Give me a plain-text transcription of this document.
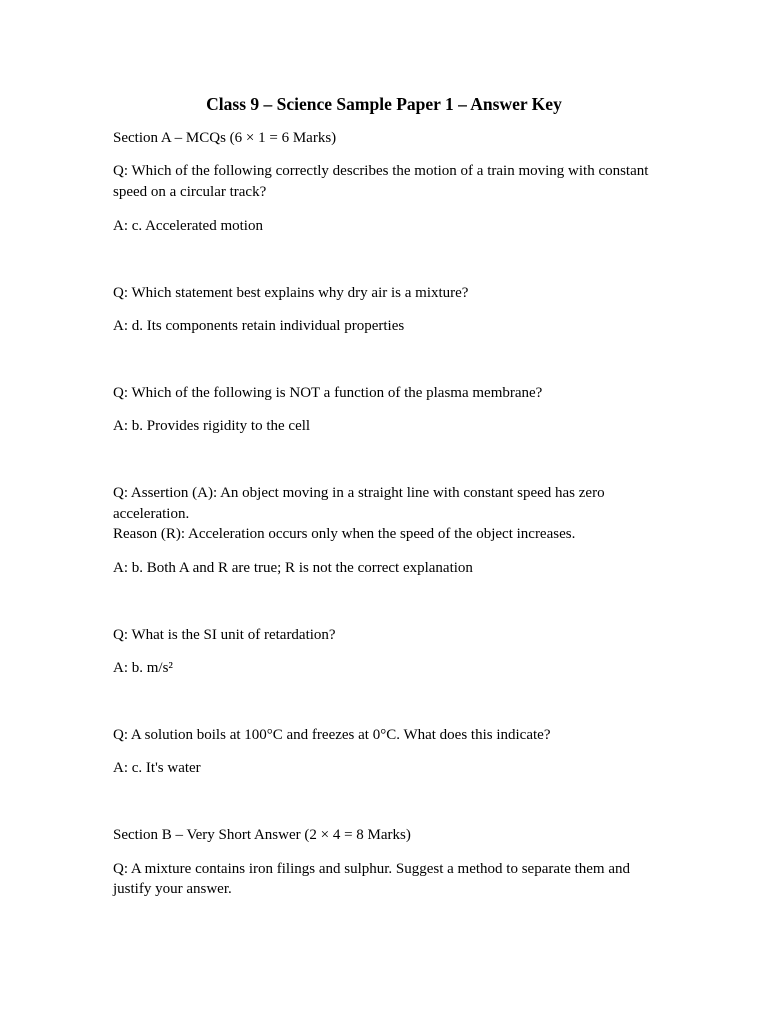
Class 9 – Science Sample Paper 1 – Answer Key

Section A – MCQs (6 × 1 = 6 Marks)

Q: Which of the following correctly describes the motion of a train moving with constant

speed on a circular track?

A: c. Accelerated motion

Q: Which statement best explains why dry air is a mixture?

A: d. Its components retain individual properties

Q: Which of the following is NOT a function of the plasma membrane?

A: b. Provides rigidity to the cell

Q: Assertion (A): An object moving in a straight line with constant speed has zero

acceleration.

Reason (R): Acceleration occurs only when the speed of the object increases.

A: b. Both A and R are true; R is not the correct explanation

Q: What is the SI unit of retardation?

A: b. m/s²

Q: A solution boils at 100°C and freezes at 0°C. What does this indicate?

A: c. It's water

Section B – Very Short Answer (2 × 4 = 8 Marks)

Q: A mixture contains iron filings and sulphur. Suggest a method to separate them and

justify your answer.
